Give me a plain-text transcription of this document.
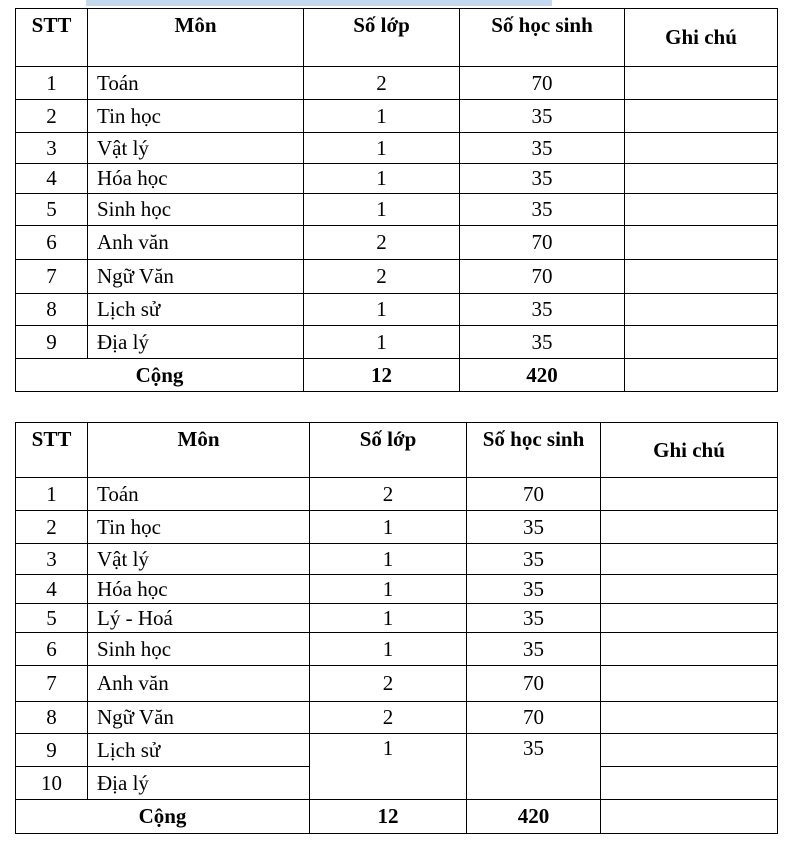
STT	Môn	Số lớp	Số học sinh	Ghi chú
1	Toán	2	70	
2	Tin học	1	35	
3	Vật lý	1	35	
4	Hóa học	1	35	
5	Sinh học	1	35	
6	Anh văn	2	70	
7	Ngữ Văn	2	70	
8	Lịch sử	1	35	
9	Địa lý	1	35	
Cộng		12	420	
STT	Môn	Số lớp	Số học sinh	Ghi chú
1	Toán	2	70	
2	Tin học	1	35	
3	Vật lý	1	35	
4	Hóa học	1	35	
5	Lý - Hoá	1	35	
6	Sinh học	1	35	
7	Anh văn	2	70	
8	Ngữ Văn	2	70	
9	Lịch sử	1	35	
10	Địa lý			
Cộng		12	420	
